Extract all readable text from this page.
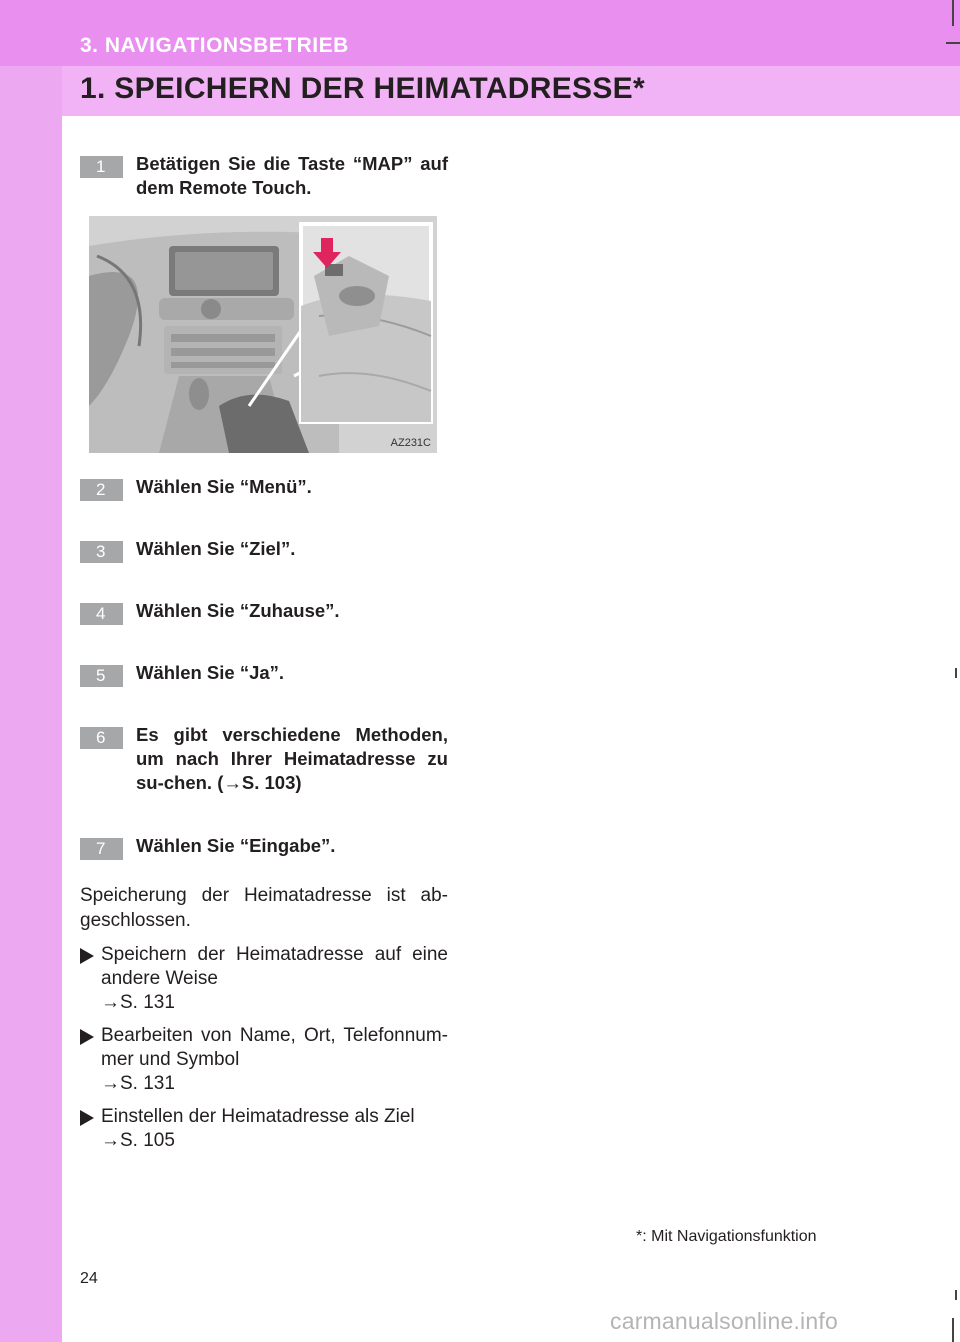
3. NAVIGATIONSBETRIEB
1. SPEICHERN DER HEIMATADRESSE*
1	Betätigen Sie die Taste “MAP” auf dem Remote Touch.
AZ231C
2	Wählen Sie “Menü”.
3	Wählen Sie “Ziel”.
4	Wählen Sie “Zuhause”.
5	Wählen Sie “Ja”.
6	Es gibt verschiedene Methoden, um nach Ihrer Heimatadresse zu su-chen. (→S. 103)
7	Wählen Sie “Eingabe”.
Speicherung der Heimatadresse ist ab-geschlossen.
Speichern der Heimatadresse auf eine andere Weise
→S. 131
Bearbeiten von Name, Ort, Telefonnum-mer und Symbol
→S. 131
Einstellen der Heimatadresse als Ziel
→S. 105
*: Mit Navigationsfunktion
24
carmanualsonline.info
